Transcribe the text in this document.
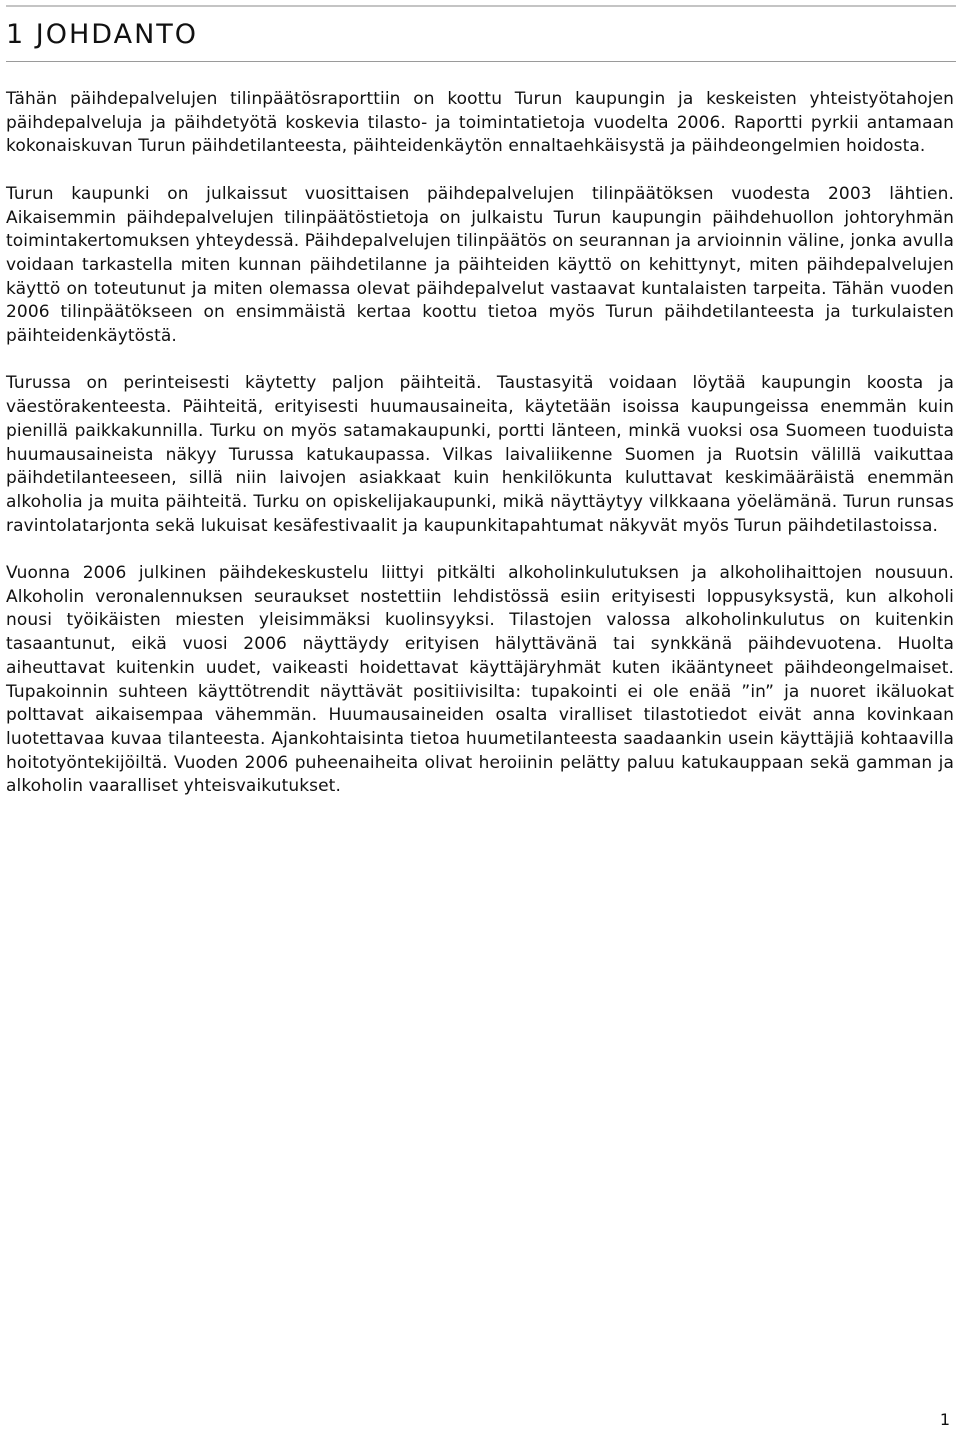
1 JOHDANTO

Tähän päihdepalvelujen tilinpäätösraporttiin on koottu Turun kaupungin ja keskeisten yhteistyötahojen päihdepalveluja ja päihdetyötä koskevia tilasto- ja toimintatietoja vuodelta 2006. Raportti pyrkii antamaan kokonaiskuvan Turun päihdetilanteesta, päihteidenkäytön ennaltaehkäisystä ja päihdeongelmien hoidosta.

Turun kaupunki on julkaissut vuosittaisen päihdepalvelujen tilinpäätöksen vuodesta 2003 lähtien. Aikaisemmin päihdepalvelujen tilinpäätöstietoja on julkaistu Turun kaupungin päihdehuollon johtoryhmän toimintakertomuksen yhteydessä. Päihdepalvelujen tilinpäätös on seurannan ja arvioinnin väline, jonka avulla voidaan tarkastella miten kunnan päihdetilanne ja päihteiden käyttö on kehittynyt, miten päihdepalvelujen käyttö on toteutunut ja miten olemassa olevat päihdepalvelut vastaavat kuntalaisten tarpeita. Tähän vuoden 2006 tilinpäätökseen on ensimmäistä kertaa koottu tietoa myös Turun päihdetilanteesta ja turkulaisten päihteidenkäytöstä.

Turussa on perinteisesti käytetty paljon päihteitä. Taustasyitä voidaan löytää kaupungin koosta ja väestörakenteesta. Päihteitä, erityisesti huumausaineita, käytetään isoissa kaupungeissa enemmän kuin pienillä paikkakunnilla. Turku on myös satamakaupunki, portti länteen, minkä vuoksi osa Suomeen tuoduista huumausaineista näkyy Turussa katukaupassa. Vilkas laivaliikenne Suomen ja Ruotsin välillä vaikuttaa päihdetilanteeseen, sillä niin laivojen asiakkaat kuin henkilökunta kuluttavat keskimääräistä enemmän alkoholia ja muita päihteitä. Turku on opiskelijakaupunki, mikä näyttäytyy vilkkaana yöelämänä. Turun runsas ravintolatarjonta sekä lukuisat kesäfestivaalit ja kaupunkitapahtumat näkyvät myös Turun päihdetilastoissa.

Vuonna 2006 julkinen päihdekeskustelu liittyi pitkälti alkoholinkulutuksen ja alkoholihaittojen nousuun. Alkoholin veronalennuksen seuraukset nostettiin lehdistössä esiin erityisesti loppusyksystä, kun alkoholi nousi työikäisten miesten yleisimmäksi kuolinsyyksi. Tilastojen valossa alkoholinkulutus on kuitenkin tasaantunut, eikä vuosi 2006 näyttäydy erityisen hälyttävänä tai synkkänä päihdevuotena. Huolta aiheuttavat kuitenkin uudet, vaikeasti hoidettavat käyttäjäryhmät kuten ikääntyneet päihdeongelmaiset. Tupakoinnin suhteen käyttötrendit näyttävät positiivisilta: tupakointi ei ole enää ”in” ja nuoret ikäluokat polttavat aikaisempaa vähemmän. Huumausaineiden osalta viralliset tilastotiedot eivät anna kovinkaan luotettavaa kuvaa tilanteesta. Ajankohtaisinta tietoa huumetilanteesta saadaankin usein käyttäjiä kohtaavilla hoitotyöntekijöiltä. Vuoden 2006 puheenaiheita olivat heroiinin pelätty paluu katukauppaan sekä gamman ja alkoholin vaaralliset yhteisvaikutukset.

1
